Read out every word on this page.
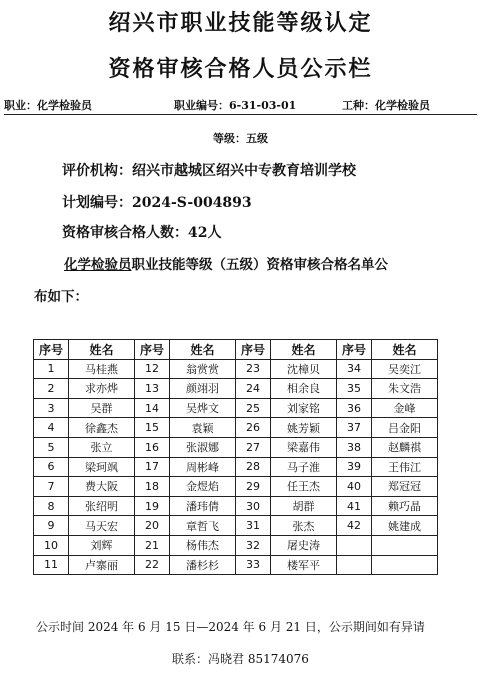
绍兴市职业技能等级认定
资格审核合格人员公示栏
职业：化学检验员	职业编号：6-31-03-01	工种：化学检验员
等级：五级
评价机构：绍兴市越城区绍兴中专教育培训学校
计划编号：2024-S-004893
资格审核合格人数：42人
化学检验员职业技能等级（五级）资格审核合格名单公
布如下：
序号	姓名	序号	姓名	序号	姓名	序号	姓名
1	马桂燕	12	翁赏赏	23	沈樟贝	34	吴奕江
2	求亦烨	13	颜翊羽	24	相余良	35	朱文浩
3	吴群	14	吴烨文	25	刘家铭	36	金峰
4	徐鑫杰	15	袁颖	26	姚芳颖	37	吕金阳
5	张立	16	张淑娜	27	梁嘉伟	38	赵麟祺
6	梁珂飒	17	周彬峰	28	马子淮	39	王伟江
7	费大阪	18	金煜焰	29	任王杰	40	郑冠冠
8	张绍明	19	潘玮倩	30	胡群	41	赖巧晶
9	马天宏	20	章哲飞	31	张杰	42	姚建成
10	刘辉	21	杨伟杰	32	屠史涛		
11	卢寨丽	22	潘杉杉	33	楼军平		
公示时间 2024 年 6 月 15 日—2024 年 6 月 21 日，公示期间如有异请
联系：冯晓君 85174076
